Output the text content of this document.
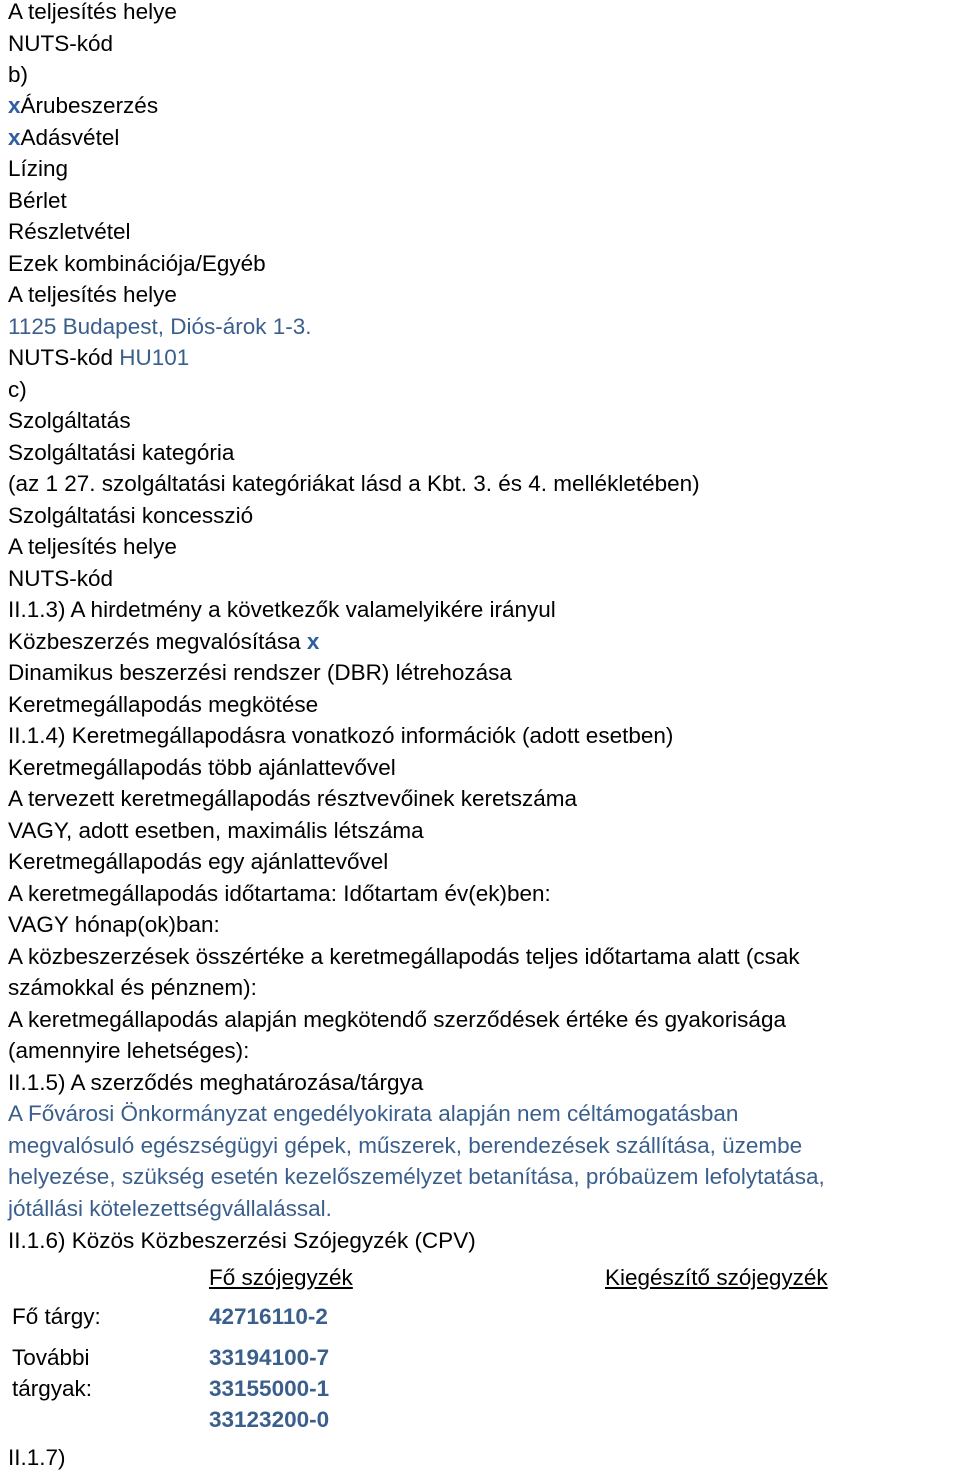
A teljesítés helye
NUTS-kód
b)
xÁrubeszerzés
xAdásvétel
Lízing
Bérlet
Részletvétel
Ezek kombinációja/Egyéb
A teljesítés helye
1125 Budapest, Diós-árok 1-3.
NUTS-kód HU101
c)
Szolgáltatás
Szolgáltatási kategória
(az 1 27. szolgáltatási kategóriákat lásd a Kbt. 3. és 4. mellékletében)
Szolgáltatási koncesszió
A teljesítés helye
NUTS-kód
II.1.3) A hirdetmény a következők valamelyikére irányul
Közbeszerzés megvalósítása x
Dinamikus beszerzési rendszer (DBR) létrehozása
Keretmegállapodás megkötése
II.1.4) Keretmegállapodásra vonatkozó információk (adott esetben)
Keretmegállapodás több ajánlattevővel
A tervezett keretmegállapodás résztvevőinek keretszáma
VAGY, adott esetben, maximális létszáma
Keretmegállapodás egy ajánlattevővel
A keretmegállapodás időtartama: Időtartam év(ek)ben:
VAGY hónap(ok)ban:
A közbeszerzések összértéke a keretmegállapodás teljes időtartama alatt (csak
számokkal és pénznem):
A keretmegállapodás alapján megkötendő szerződések értéke és gyakorisága
(amennyire lehetséges):
II.1.5) A szerződés meghatározása/tárgya
A Fővárosi Önkormányzat engedélyokirata alapján nem céltámogatásban
megvalósuló egészségügyi gépek, műszerek, berendezések szállítása, üzembe
helyezése, szükség esetén kezelőszemélyzet betanítása, próbaüzem lefolytatása,
jótállási kötelezettségvállalással.
II.1.6) Közös Közbeszerzési Szójegyzék (CPV)
Fő szójegyzék	Kiegészítő szójegyzék
Fő tárgy:	42716110-2
További
tárgyak:
33194100-7
33155000-1
33123200-0
II.1.7)
